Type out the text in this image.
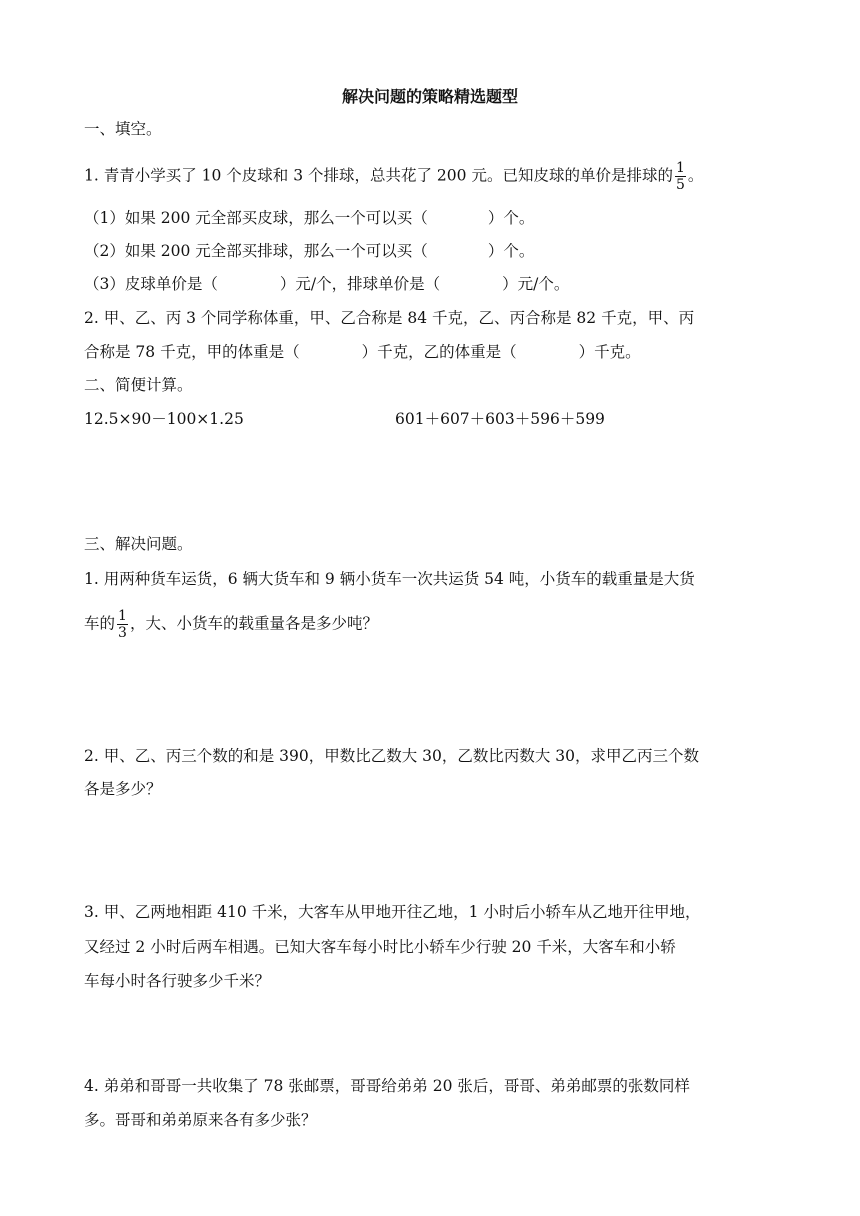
解决问题的策略精选题型
一、填空。
1. 青青小学买了 10 个皮球和 3 个排球，总共花了 200 元。已知皮球的单价是排球的 $\frac{1}{5}$ 。
（1）如果 200 元全部买皮球，那么一个可以买（	）个。
（2）如果 200 元全部买排球，那么一个可以买（	）个。
（3）皮球单价是（	）元/个，排球单价是（	）元/个。
2. 甲、乙、丙 3 个同学称体重，甲、乙合称是 84 千克，乙、丙合称是 82 千克，甲、丙
合称是 78 千克，甲的体重是（	）千克，乙的体重是（	）千克。
二、简便计算。
12.5×90－100×1.25	601＋607＋603＋596＋599
三、解决问题。
1. 用两种货车运货，6 辆大货车和 9 辆小货车一次共运货 54 吨，小货车的载重量是大货
车的 $\frac{1}{3}$ ，大、小货车的载重量各是多少吨？
2. 甲、乙、丙三个数的和是 390，甲数比乙数大 30，乙数比丙数大 30，求甲乙丙三个数
各是多少？
3. 甲、乙两地相距 410 千米，大客车从甲地开往乙地，1 小时后小轿车从乙地开往甲地，
又经过 2 小时后两车相遇。已知大客车每小时比小轿车少行驶 20 千米，大客车和小轿
车每小时各行驶多少千米？
4. 弟弟和哥哥一共收集了 78 张邮票，哥哥给弟弟 20 张后，哥哥、弟弟邮票的张数同样
多。哥哥和弟弟原来各有多少张？
